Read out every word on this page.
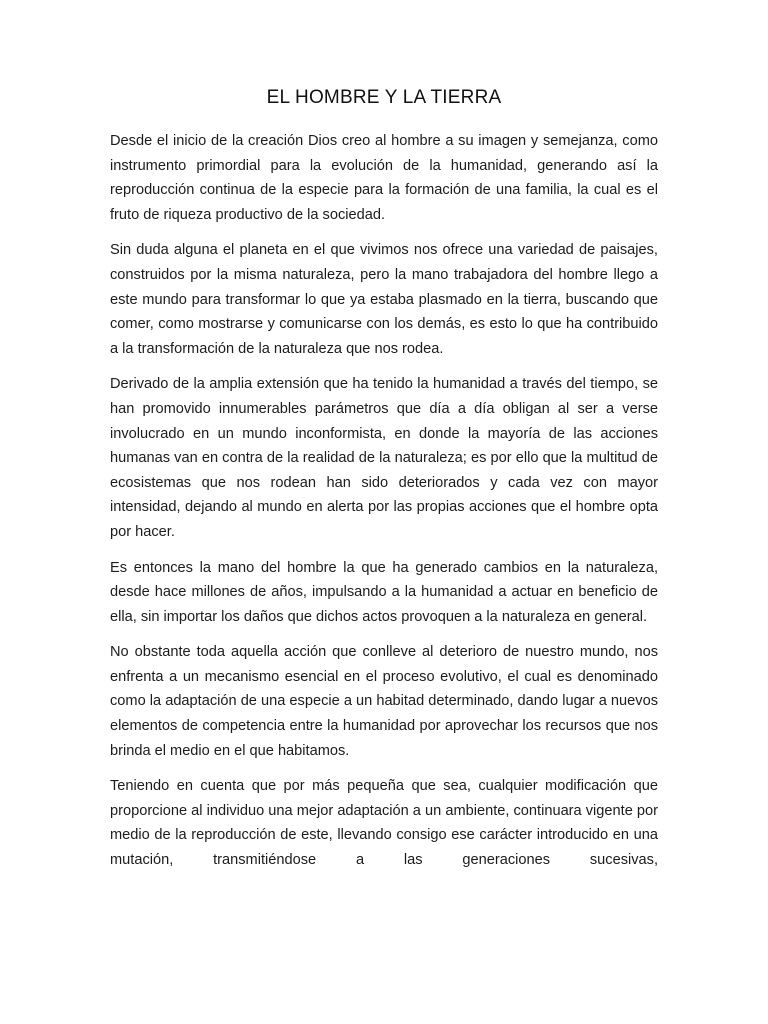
EL HOMBRE Y LA TIERRA

Desde el inicio de la creación Dios creo al hombre a su imagen y semejanza, como instrumento primordial para la evolución de la humanidad, generando así la reproducción continua de la especie para la formación de una familia, la cual es el fruto de riqueza productivo de la sociedad.

Sin duda alguna el planeta en el que vivimos nos ofrece una variedad de paisajes, construidos por la misma naturaleza, pero la mano trabajadora del hombre llego a este mundo para transformar lo que ya estaba plasmado en la tierra, buscando que comer, como mostrarse y comunicarse con los demás, es esto lo que ha contribuido a la transformación de la naturaleza que nos rodea.

Derivado de la amplia extensión que ha tenido la humanidad a través del tiempo, se han promovido innumerables parámetros que día a día obligan al ser a verse involucrado en un mundo inconformista, en donde la mayoría de las acciones humanas van en contra de la realidad de la naturaleza; es por ello que la multitud de ecosistemas que nos rodean han sido deteriorados y cada vez con mayor intensidad, dejando al mundo en alerta por las propias acciones que el hombre opta por hacer.

Es entonces la mano del hombre la que ha generado cambios en la naturaleza, desde hace millones de años, impulsando a la humanidad a actuar en beneficio de ella, sin importar los daños que dichos actos provoquen a la naturaleza en general.

No obstante toda aquella acción que conlleve al deterioro de nuestro mundo, nos enfrenta a un mecanismo esencial en el proceso evolutivo, el cual es denominado como la adaptación de una especie a un habitad determinado, dando lugar a nuevos elementos de competencia entre la humanidad por aprovechar los recursos que nos brinda el medio en el que habitamos.

Teniendo en cuenta que por más pequeña que sea, cualquier modificación que proporcione al individuo una mejor adaptación a un ambiente, continuara vigente por medio de la reproducción de este, llevando consigo ese carácter introducido en una mutación, transmitiéndose a las generaciones sucesivas,
